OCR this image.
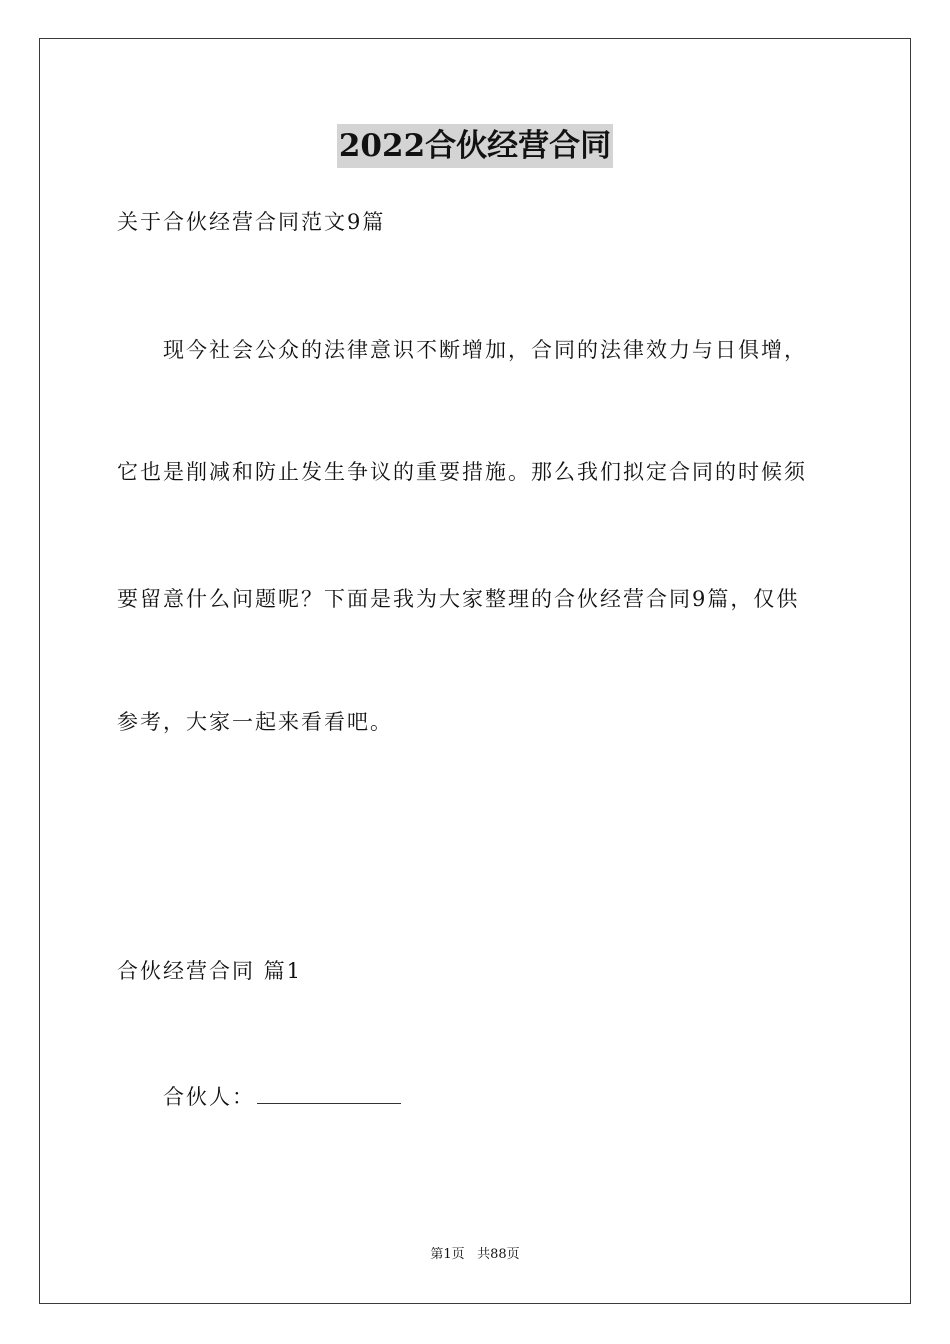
2022合伙经营合同
关于合伙经营合同范文9篇
现今社会公众的法律意识不断增加，合同的法律效力与日俱增，
它也是削减和防止发生争议的重要措施。那么我们拟定合同的时候须
要留意什么问题呢？下面是我为大家整理的合伙经营合同9篇，仅供
参考，大家一起来看看吧。
合伙经营合同 篇1
合伙人：
第1页 共88页
